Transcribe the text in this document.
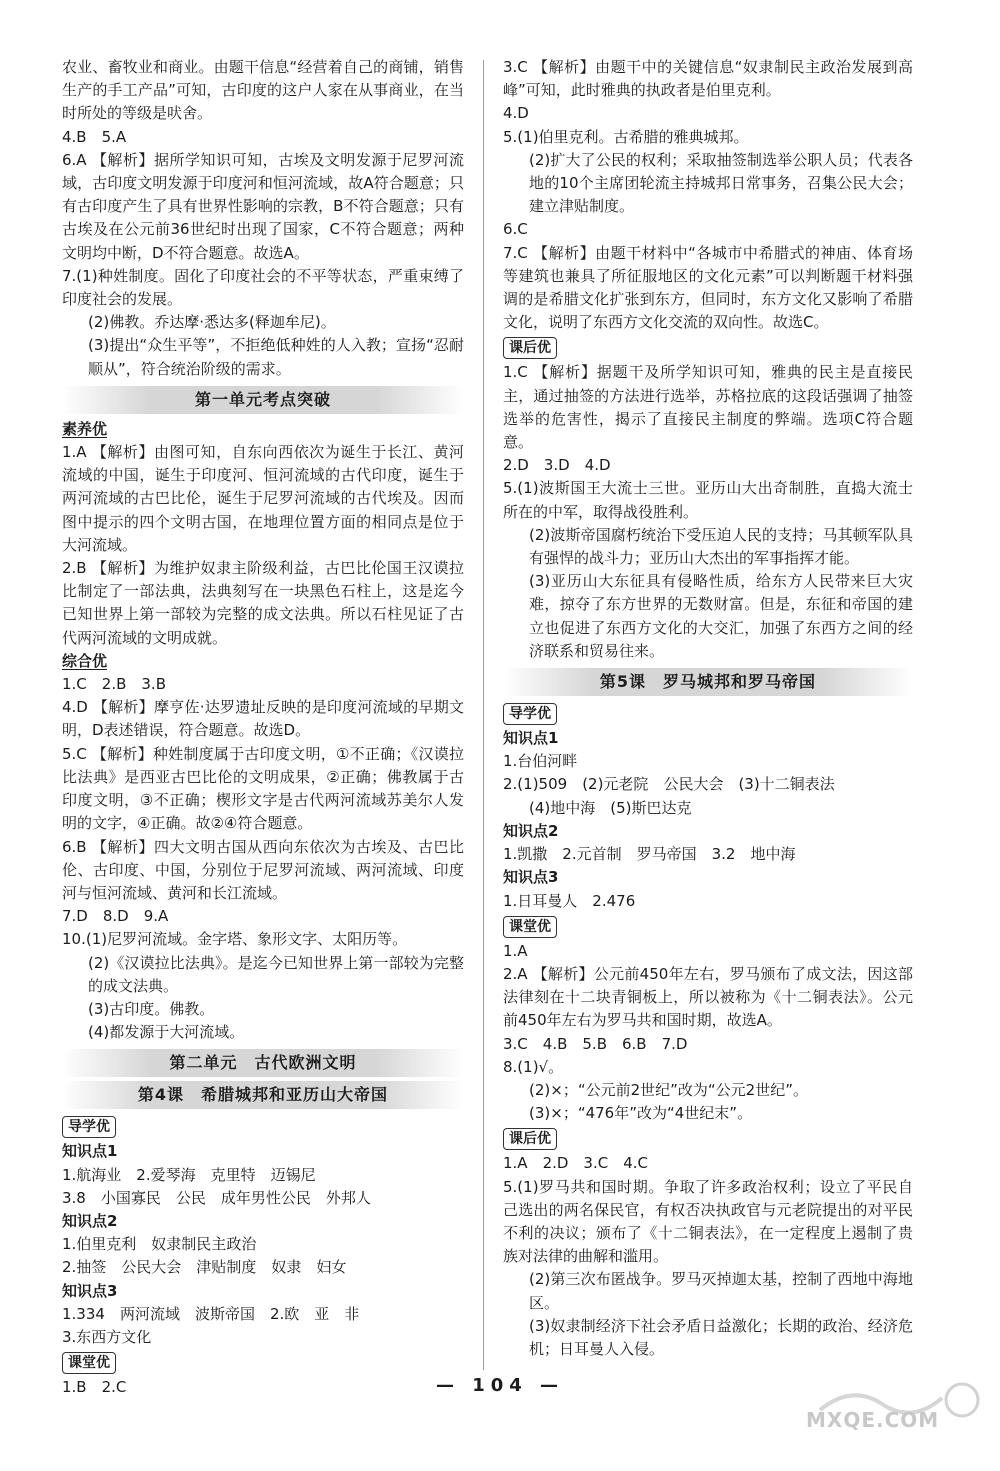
农业、畜牧业和商业。由题干信息“经营着自己的商铺，销售生产的手工产品”可知，古印度的这户人家在从事商业，在当时所处的等级是吠舍。

4.B　5.A

6.A 【解析】据所学知识可知，古埃及文明发源于尼罗河流域，古印度文明发源于印度河和恒河流域，故A符合题意；只有古印度产生了具有世界性影响的宗教，B不符合题意；只有古埃及在公元前36世纪时出现了国家，C不符合题意；两种文明均中断，D不符合题意。故选A。

7.(1)种姓制度。固化了印度社会的不平等状态，严重束缚了印度社会的发展。

(2)佛教。乔达摩·悉达多(释迦牟尼)。

(3)提出“众生平等”，不拒绝低种姓的人入教；宣扬“忍耐顺从”，符合统治阶级的需求。

第一单元考点突破
素养优

1.A 【解析】由图可知，自东向西依次为诞生于长江、黄河流域的中国，诞生于印度河、恒河流域的古代印度，诞生于两河流域的古巴比伦，诞生于尼罗河流域的古代埃及。因而图中提示的四个文明古国，在地理位置方面的相同点是位于大河流域。

2.B 【解析】为维护奴隶主阶级利益，古巴比伦国王汉谟拉比制定了一部法典，法典刻写在一块黑色石柱上，这是迄今已知世界上第一部较为完整的成文法典。所以石柱见证了古代两河流域的文明成就。

综合优

1.C　2.B　3.B

4.D 【解析】摩亨佐·达罗遗址反映的是印度河流域的早期文明，D表述错误，符合题意。故选D。

5.C 【解析】种姓制度属于古印度文明，①不正确；《汉谟拉比法典》是西亚古巴比伦的文明成果，②正确；佛教属于古印度文明，③不正确；楔形文字是古代两河流域苏美尔人发明的文字，④正确。故②④符合题意。

6.B 【解析】四大文明古国从西向东依次为古埃及、古巴比伦、古印度、中国，分别位于尼罗河流域、两河流域、印度河与恒河流域、黄河和长江流域。

7.D　8.D　9.A

10.(1)尼罗河流域。金字塔、象形文字、太阳历等。

(2)《汉谟拉比法典》。是迄今已知世界上第一部较为完整的成文法典。

(3)古印度。佛教。

(4)都发源于大河流域。

第二单元　古代欧洲文明
第4课　希腊城邦和亚历山大帝国
导学优
知识点1

1.航海业　2.爱琴海　克里特　迈锡尼

3.8　小国寡民　公民　成年男性公民　外邦人

知识点2

1.伯里克利　奴隶制民主政治

2.抽签　公民大会　津贴制度　奴隶　妇女

知识点3

1.334　两河流域　波斯帝国　2.欧　亚　非

3.东西方文化

课堂优

1.B　2.C

3.C 【解析】由题干中的关键信息“奴隶制民主政治发展到高峰”可知，此时雅典的执政者是伯里克利。

4.D

5.(1)伯里克利。古希腊的雅典城邦。

(2)扩大了公民的权利；采取抽签制选举公职人员；代表各地的10个主席团轮流主持城邦日常事务，召集公民大会；建立津贴制度。

6.C

7.C 【解析】由题干材料中“各城市中希腊式的神庙、体育场等建筑也兼具了所征服地区的文化元素”可以判断题干材料强调的是希腊文化扩张到东方，但同时，东方文化又影响了希腊文化，说明了东西方文化交流的双向性。故选C。

课后优

1.C 【解析】据题干及所学知识可知，雅典的民主是直接民主，通过抽签的方法进行选举，苏格拉底的这段话强调了抽签选举的危害性，揭示了直接民主制度的弊端。选项C符合题意。

2.D　3.D　4.D

5.(1)波斯国王大流士三世。亚历山大出奇制胜，直捣大流士所在的中军，取得战役胜利。

(2)波斯帝国腐朽统治下受压迫人民的支持；马其顿军队具有强悍的战斗力；亚历山大杰出的军事指挥才能。

(3)亚历山大东征具有侵略性质，给东方人民带来巨大灾难，掠夺了东方世界的无数财富。但是，东征和帝国的建立也促进了东西方文化的大交汇，加强了东西方之间的经济联系和贸易往来。

第5课　罗马城邦和罗马帝国
导学优
知识点1

1.台伯河畔

2.(1)509　(2)元老院　公民大会　(3)十二铜表法

(4)地中海　(5)斯巴达克

知识点2

1.凯撒　2.元首制　罗马帝国　3.2　地中海

知识点3

1.日耳曼人　2.476

课堂优

1.A

2.A 【解析】公元前450年左右，罗马颁布了成文法，因这部法律刻在十二块青铜板上，所以被称为《十二铜表法》。公元前450年左右为罗马共和国时期，故选A。

3.C　4.B　5.B　6.B　7.D

8.(1)√。

(2)×；“公元前2世纪”改为“公元2世纪”。

(3)×；“476年”改为“4世纪末”。

课后优

1.A　2.D　3.C　4.C

5.(1)罗马共和国时期。争取了许多政治权利；设立了平民自己选出的两名保民官，有权否决执政官与元老院提出的对平民不利的决议；颁布了《十二铜表法》，在一定程度上遏制了贵族对法律的曲解和滥用。

(2)第三次布匿战争。罗马灭掉迦太基，控制了西地中海地区。

(3)奴隶制经济下社会矛盾日益激化；长期的政治、经济危机；日耳曼人入侵。

— 104 —
MXQE.COM
